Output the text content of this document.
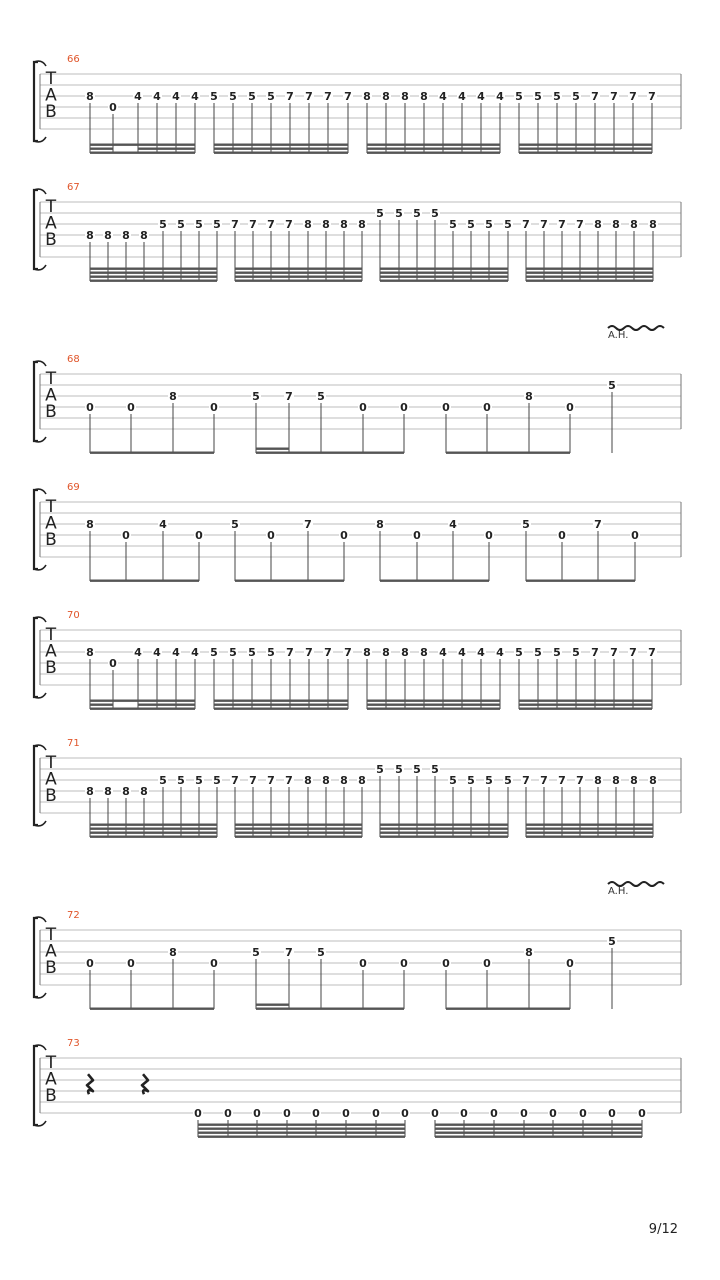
66
T
A
B
8
0
4 4 4 4 5 5 5 5 7 7 7 7 8 8 8 8 4 4 4 4 5 5 5 5 7 7 7 7
67
T
A
B	8 8 8 8
5 5 5 5 7 7 7 7 8 8 8 8
5 5 5 5
5 5 5 5 7 7 7 7 8 8 8 8
68
T
A
B
A.H.
0	0
8
0
5 7 5
0	0	0	0
8
0
5
69
T
A
B
8
0
4
0
5
0
7
0
8
0
4
0
5
0
7
0
70
T
A
B
8
0
4 4 4 4 5 5 5 5 7 7 7 7 8 8 8 8 4 4 4 4 5 5 5 5 7 7 7 7
71
T
A
B	8 8 8 8
5 5 5 5 7 7 7 7 8 8 8 8
5 5 5 5
5 5 5 5 7 7 7 7 8 8 8 8
72
T
A
B
A.H.
0	0
8
0
5 7 5
0	0	0	0
8
0
5
73
T
A
B
0 0 0 0 0 0 0 0 0 0 0 0 0 0 0 0
9/12
